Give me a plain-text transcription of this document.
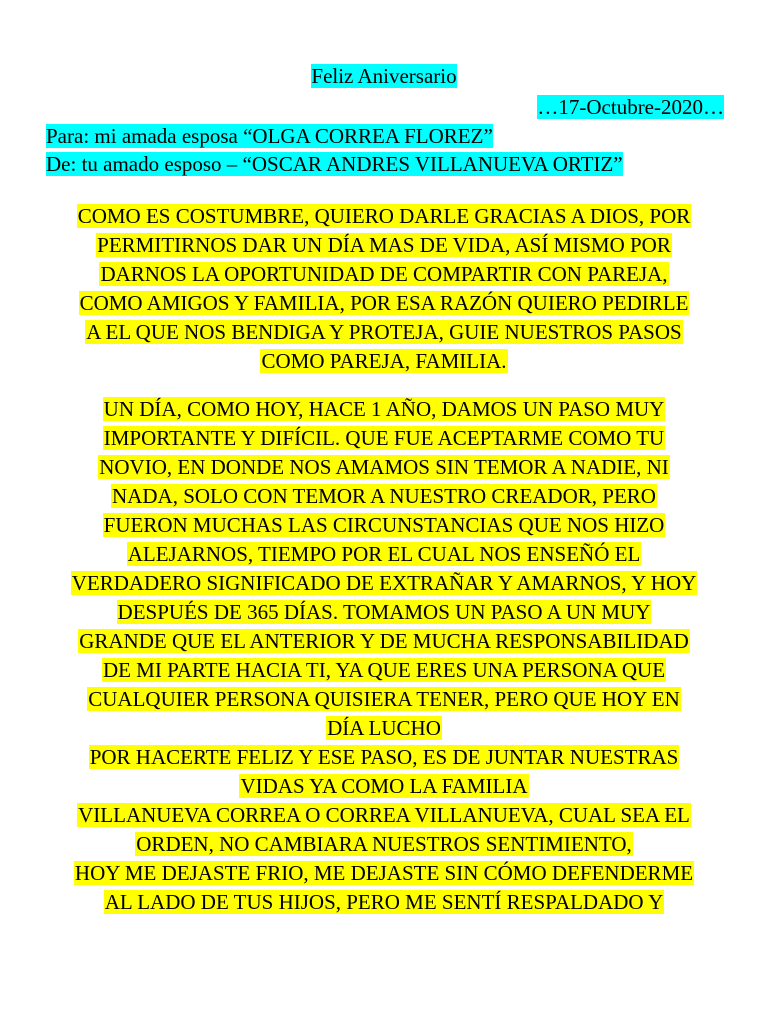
Feliz Aniversario
…17-Octubre-2020…
Para: mi amada esposa “OLGA CORREA FLOREZ”
De: tu amado esposo – “OSCAR ANDRES VILLANUEVA ORTIZ”
COMO ES COSTUMBRE, QUIERO DARLE GRACIAS A DIOS, POR
PERMITIRNOS DAR UN DÍA MAS DE VIDA, ASÍ MISMO POR
DARNOS LA OPORTUNIDAD DE COMPARTIR CON PAREJA,
COMO AMIGOS Y FAMILIA, POR ESA RAZÓN QUIERO PEDIRLE
A EL QUE NOS BENDIGA Y PROTEJA, GUIE NUESTROS PASOS
COMO PAREJA, FAMILIA.
UN DÍA, COMO HOY, HACE 1 AÑO, DAMOS UN PASO MUY
IMPORTANTE Y DIFÍCIL. QUE FUE ACEPTARME COMO TU
NOVIO, EN DONDE NOS AMAMOS SIN TEMOR A NADIE, NI
NADA, SOLO CON TEMOR A NUESTRO CREADOR, PERO
FUERON MUCHAS LAS CIRCUNSTANCIAS QUE NOS HIZO
ALEJARNOS, TIEMPO POR EL CUAL NOS ENSEÑÓ EL
VERDADERO SIGNIFICADO DE EXTRAÑAR Y AMARNOS, Y HOY
DESPUÉS DE 365 DÍAS. TOMAMOS UN PASO A UN MUY
GRANDE QUE EL ANTERIOR Y DE MUCHA RESPONSABILIDAD
DE MI PARTE HACIA TI, YA QUE ERES UNA PERSONA QUE
CUALQUIER PERSONA QUISIERA TENER, PERO QUE HOY EN
DÍA LUCHO
POR HACERTE FELIZ Y ESE PASO, ES DE JUNTAR NUESTRAS
VIDAS YA COMO LA FAMILIA
VILLANUEVA CORREA O CORREA VILLANUEVA, CUAL SEA EL
ORDEN, NO CAMBIARA NUESTROS SENTIMIENTO,
HOY ME DEJASTE FRIO, ME DEJASTE SIN CÓMO DEFENDERME
AL LADO DE TUS HIJOS, PERO ME SENTÍ RESPALDADO Y
